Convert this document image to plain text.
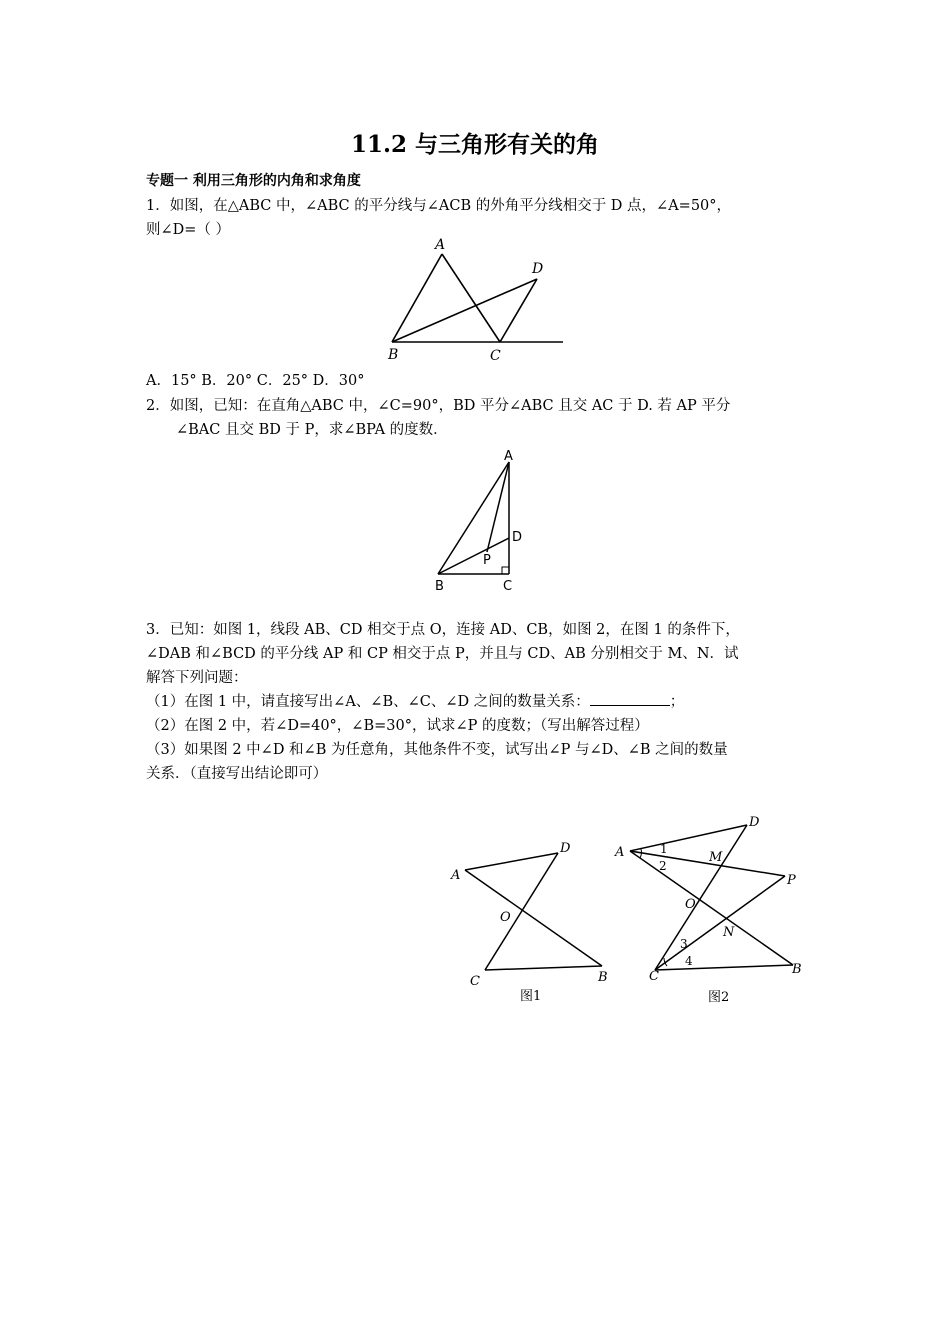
11.2 与三角形有关的角
专题一 利用三角形的内角和求角度
1．如图，在△ABC 中，∠ABC 的平分线与∠ACB 的外角平分线相交于 D 点，∠A=50°，
则∠D=（ ）
A
B	C
D
A．15° B．20° C．25° D．30°
2．如图，已知：在直角△ABC 中，∠C=90°，BD 平分∠ABC 且交 AC 于 D. 若 AP 平分
∠BAC 且交 BD 于 P，求∠BPA 的度数．
A
B	C
D
P
3．已知：如图 1，线段 AB、CD 相交于点 O，连接 AD、CB，如图 2，在图 1 的条件下，
∠DAB 和∠BCD 的平分线 AP 和 CP 相交于点 P，并且与 CD、AB 分别相交于 M、N．试
解答下列问题：
（1）在图 1 中，请直接写出∠A、∠B、∠C、∠D 之间的数量关系：	；
（2）在图 2 中，若∠D=40°，∠B=30°，试求∠P 的度数；（写出解答过程）
（3）如果图 2 中∠D 和∠B 为任意角，其他条件不变，试写出∠P 与∠D、∠B 之间的数量
关系．（直接写出结论即可）
A
D
O
C	B
图1
A
D
1
2
M
P
O
N
3
4
C	B
图2
